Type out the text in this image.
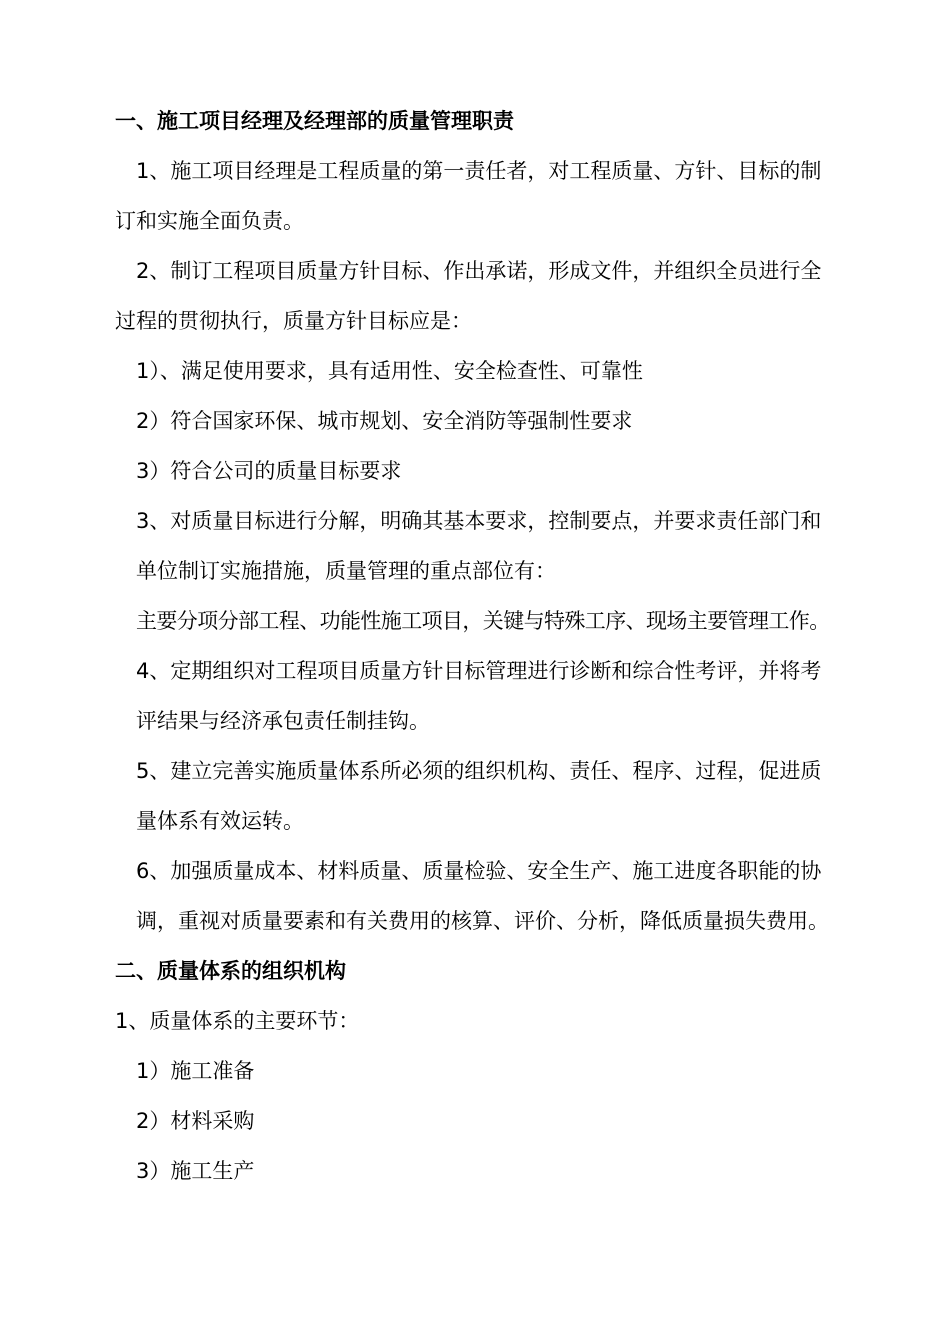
一、施工项目经理及经理部的质量管理职责
1、施工项目经理是工程质量的第一责任者，对工程质量、方针、目标的制
订和实施全面负责。
2、制订工程项目质量方针目标、作出承诺，形成文件，并组织全员进行全
过程的贯彻执行，质量方针目标应是：
1）、满足使用要求，具有适用性、安全检查性、可靠性
2）符合国家环保、城市规划、安全消防等强制性要求
3）符合公司的质量目标要求
3、对质量目标进行分解，明确其基本要求，控制要点，并要求责任部门和
单位制订实施措施，质量管理的重点部位有：
主要分项分部工程、功能性施工项目，关键与特殊工序、现场主要管理工作。
4、定期组织对工程项目质量方针目标管理进行诊断和综合性考评，并将考
评结果与经济承包责任制挂钩。
5、建立完善实施质量体系所必须的组织机构、责任、程序、过程，促进质
量体系有效运转。
6、加强质量成本、材料质量、质量检验、安全生产、施工进度各职能的协
调，重视对质量要素和有关费用的核算、评价、分析，降低质量损失费用。
二、质量体系的组织机构
1、质量体系的主要环节：
1）施工准备
2）材料采购
3）施工生产
